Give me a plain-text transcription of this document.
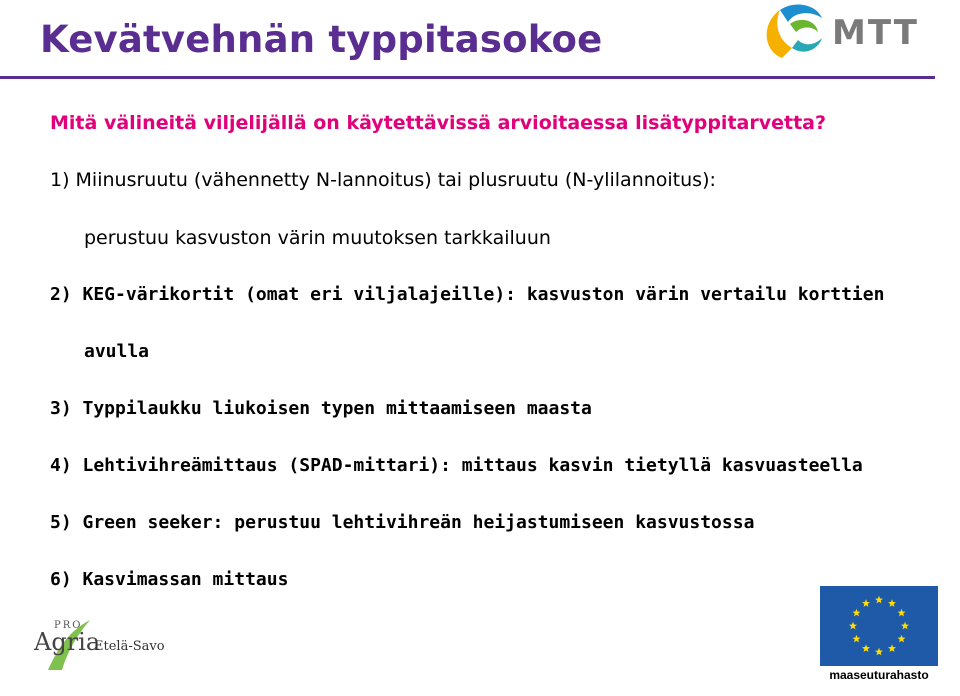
Kevätvehnän typpitasokoe	MTT
Mitä välineitä viljelijällä on käytettävissä arvioitaessa lisätyppitarvetta?
1) Miinusruutu (vähennetty N-lannoitus) tai plusruutu (N-ylilannoitus):
perustuu kasvuston värin muutoksen tarkkailuun
2) KEG-värikortit (omat eri viljalajeille): kasvuston värin vertailu korttien
avulla
3) Typpilaukku liukoisen typen mittaamiseen maasta
4) Lehtivihreämittaus (SPAD-mittari): mittaus kasvin tietyllä kasvuasteella
5) Green seeker: perustuu lehtivihreän heijastumiseen kasvustossa
6) Kasvimassan mittaus
PRO
Agria
Etelä-Savo
maaseuturahasto
